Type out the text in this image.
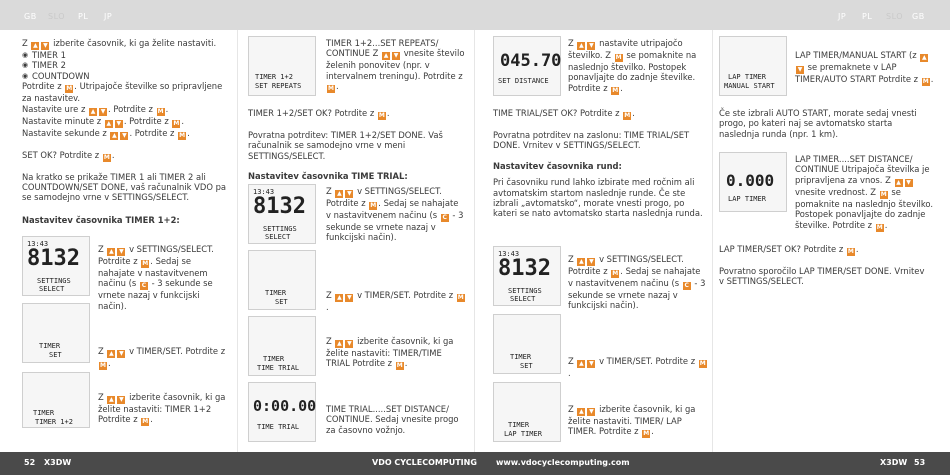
GB SLO PL JP	JP PL SLO GB

Z ▲ ▼ izberite časovnik, ki ga želite nastaviti.

◉ TIMER 1
◉ TIMER 2
◉ COUNTDOWN

Potrdite z M . Utripajoče številke so pripravljene za nastavitev.

Nastavite ure z ▲ ▼ . Potrdite z M .

Nastavite minute z ▲ ▼ . Potrdite z M .

Nastavite sekunde z ▲ ▼ . Potrdite z M .

SET OK? Potrdite z M .

Na kratko se prikaže TIMER 1 ali TIMER 2 ali COUNTDOWN/SET DONE, vaš računalnik VDO pa se samodejno vrne v SETTINGS/SELECT.

Nastavitev časovnika TIMER 1+2:

13:43
8132
SETTINGS
SELECT
Z ▲ ▼ v SETTINGS/SELECT. Potrdite z M . Sedaj se nahajate v nastavitvenem načinu (s C - 3 sekunde se vrnete nazaj v funkcijski način).
TIMER
SET	Z ▲ ▼ v TIMER/SET. Potrdite z M .
TIMER
TIMER 1+2
Z ▲ ▼ izberite časovnik, ki ga želite nastaviti: TIMER 1+2 Potrdite z M .
TIMER 1+2
SET REPEATS
TIMER 1+2...SET REPEATS/ CONTINUE Z ▲ ▼ vnesite število želenih ponovitev (npr. v intervalnem treningu). Potrdite z M .

TIMER 1+2/SET OK? Potrdite z M .

Povratna potrditev: TIMER 1+2/SET DONE. Vaš računalnik se samodejno vrne v meni SETTINGS/SELECT.

Nastavitev časovnika TIME TRIAL:

13:43
8132
SETTINGS
SELECT
Z ▲ ▼ v SETTINGS/SELECT. Potrdite z M . Sedaj se nahajate v nastavitvenem načinu (s C - 3 sekunde se vrnete nazaj v funkcijski način).
TIMER
SET
Z ▲ ▼ v TIMER/SET. Potrdite z M.
TIMER
TIME TRIAL
Z ▲ ▼ izberite časovnik, ki ga želite nastaviti: TIMER/TIME TRIAL Potrdite z M .
0:00.00
TIME TRIAL
TIME TRIAL.....SET DISTANCE/ CONTINUE. Sedaj vnesite progo za časovno vožnjo.
045.70
SET DISTANCE
Z ▲ ▼ nastavite utripajočo številko. Z M se pomaknite na naslednjo številko. Postopek ponavljajte do zadnje številke. Potrdite z M .

TIME TRIAL/SET OK? Potrdite z M .

Povratna potrditev na zaslonu: TIME TRIAL/SET DONE. Vrnitev v SETTINGS/SELECT.

Nastavitev časovnika rund:

Pri časovniku rund lahko izbirate med ročnim ali avtomatskim startom naslednje runde. Če ste izbrali „avtomatsko“, morate vnesti progo, po kateri se nato avtomatsko starta naslednja runda.

13:43
8132
SETTINGS
SELECT
Z ▲ ▼ v SETTINGS/SELECT. Potrdite z M . Sedaj se nahajate v nastavitvenem načinu (s C - 3 sekunde se vrnete nazaj v funkcijski način).
TIMER
SET	Z ▲ ▼ v TIMER/SET. Potrdite z M.
TIMER
LAP TIMER
Z ▲ ▼ izberite časovnik, ki ga želite nastaviti. TIMER/ LAP TIMER. Potrdite z M .
LAP TIMER
MANUAL START
LAP TIMER/MANUAL START (z ▲▼ se premaknete v LAP TIMER/AUTO START Potrdite z M .
Če ste izbrali AUTO START, morate sedaj vnesti progo, po kateri naj se avtomatsko starta naslednja runda (npr. 1 km).
0.000
LAP TIMER
LAP TIMER....SET DISTANCE/ CONTINUE Utripajoča številka je pripravljena za vnos. Z ▲ ▼ vnesite vrednost. Z M se pomaknite na naslednjo številko. Postopek ponavljajte do zadnje številke. Potrdite z M .

LAP TIMER/SET OK? Potrdite z M .

Povratno sporočilo LAP TIMER/SET DONE. Vrnitev v SETTINGS/SELECT.

52 X3DW	VDO CYCLECOMPUTING www.vdocyclecomputing.com	X3DW 53
